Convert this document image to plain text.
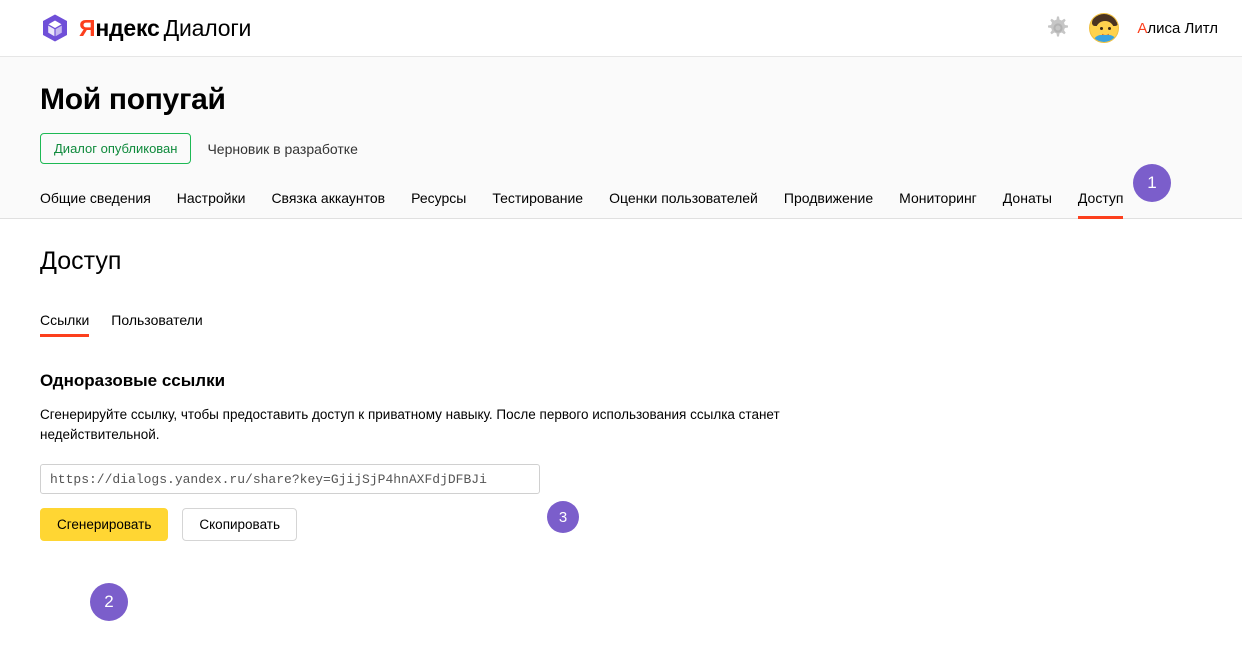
Яндекс Диалоги	Алиса Литл
Мой попугай
Диалог опубликован	Черновик в разработке
Общие сведения Настройки Связка аккаунтов Ресурсы Тестирование Оценки пользователей Продвижение Мониторинг Донаты Доступ
Доступ
Ссылки Пользователи
Одноразовые ссылки

Сгенерируйте ссылку, чтобы предоставить доступ к приватному навыку. После первого использования ссылка станет недействительной.

https://dialogs.yandex.ru/share?key=GjijSjP4hnAXFdjDFBJi
Сгенерировать	Скопировать
1
2
3
